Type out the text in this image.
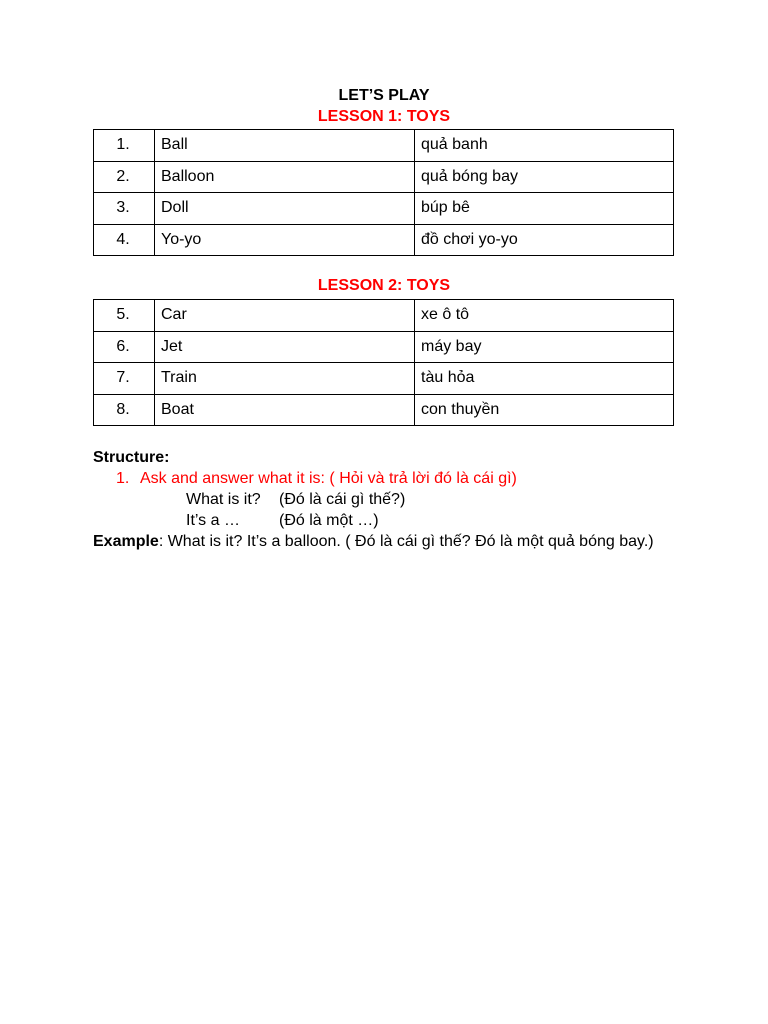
LET’S PLAY
LESSON 1: TOYS
1.	Ball	quả banh
2.	Balloon	quả bóng bay
3.	Doll	búp bê
4.	Yo-yo	đồ chơi yo-yo
LESSON 2: TOYS
5.	Car	xe ô tô
6.	Jet	máy bay
7.	Train	tàu hỏa
8.	Boat	con thuyền
Structure:
1. Ask and answer what it is: ( Hỏi và trả lời đó là cái gì)
What is it? (Đó là cái gì thế?)
It’s a … (Đó là một …)
Example: What is it? It’s a balloon. ( Đó là cái gì thế? Đó là một quả bóng bay.)
